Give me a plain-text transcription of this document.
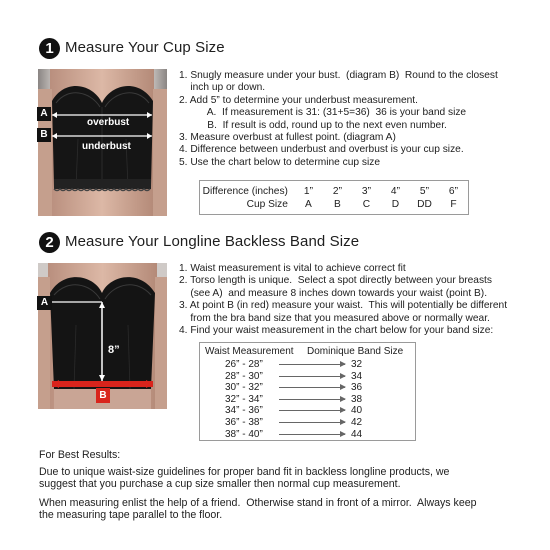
1 Measure Your Cup Size
A
B
overbust
underbust
1. Snugly measure under your bust.  (diagram B)  Round to the closest
inch up or down.
2. Add 5” to determine your underbust measurement.
A.  If measurement is 31: (31+5=36)  36 is your band size
B.  If result is odd, round up to the next even number.
3. Measure overbust at fullest point. (diagram A)
4. Difference between underbust and overbust is your cup size.
5. Use the chart below to determine cup size
Difference (inches)	1”	2”	3”	4”	5”	6”
Cup Size	A	B	C	D	DD	F
2 Measure Your Longline Backless Band Size
A
B
8”
1. Waist measurement is vital to achieve correct fit
2. Torso length is unique.  Select a spot directly between your breasts
(see A)  and measure 8 inches down towards your waist (point B).
3. At point B (in red) measure your waist.  This will potentially be different
from the bra band size that you measured above or normally wear.
4. Find your waist measurement in the chart below for your band size:
Waist Measurement Dominique Band Size
26” - 28”	32
28” - 30”	34
30” - 32”	36
32” - 34”	38
34” - 36”	40
36” - 38”	42
38” - 40”	44
For Best Results:
Due to unique waist-size guidelines for proper band fit in backless longline products, we
suggest that you purchase a cup size smaller then normal cup measurement.
When measuring enlist the help of a friend.  Otherwise stand in front of a mirror.  Always keep
the measuring tape parallel to the floor.
